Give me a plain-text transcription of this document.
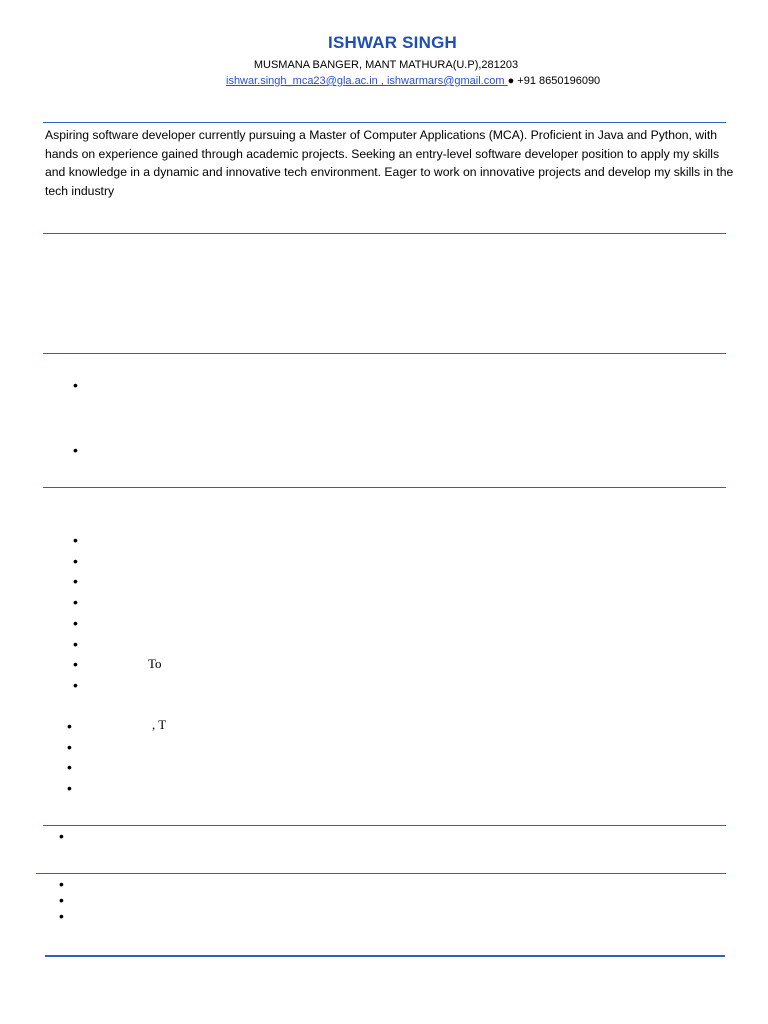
ISHWAR SINGH
MUSMANA BANGER, MANT MATHURA(U.P),281203
ishwar.singh_mca23@gla.ac.in , ishwarmars@gmail.com ● +91 8650196090
Aspiring software developer currently pursuing a Master of Computer Applications (MCA). Proficient in Java and Python, with hands on experience gained through academic projects. Seeking an entry-level software developer position to apply my skills and knowledge in a dynamic and innovative tech environment. Eager to work on innovative projects and develop my skills in the tech industry
•
•
•
•
•
•
•
•
•	To
•
•	, T
•
•
•
•
•
•
•
